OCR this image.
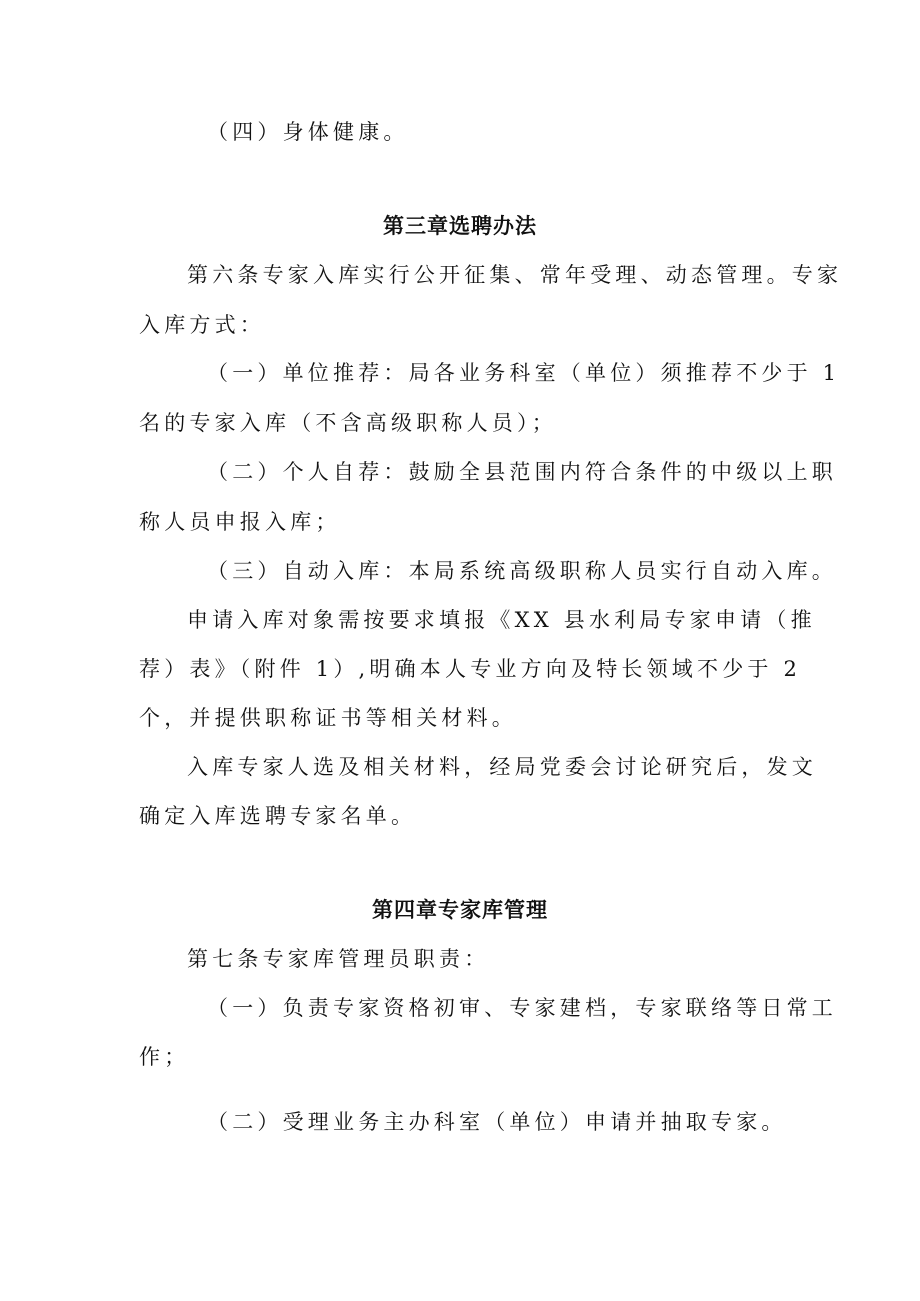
（四）身体健康。

第三章选聘办法

第六条专家入库实行公开征集、常年受理、动态管理。专家

入库方式：

（一）单位推荐：局各业务科室（单位）须推荐不少于 1

名的专家入库（不含高级职称人员）；

（二）个人自荐：鼓励全县范围内符合条件的中级以上职

称人员申报入库；

（三）自动入库：本局系统高级职称人员实行自动入库。

申请入库对象需按要求填报《XX 县水利局专家申请（推

荐）表》（附件 1）,明确本人专业方向及特长领域不少于 2

个，并提供职称证书等相关材料。

入库专家人选及相关材料，经局党委会讨论研究后，发文

确定入库选聘专家名单。

第四章专家库管理

第七条专家库管理员职责：

（一）负责专家资格初审、专家建档，专家联络等日常工

作；

（二）受理业务主办科室（单位）申请并抽取专家。
